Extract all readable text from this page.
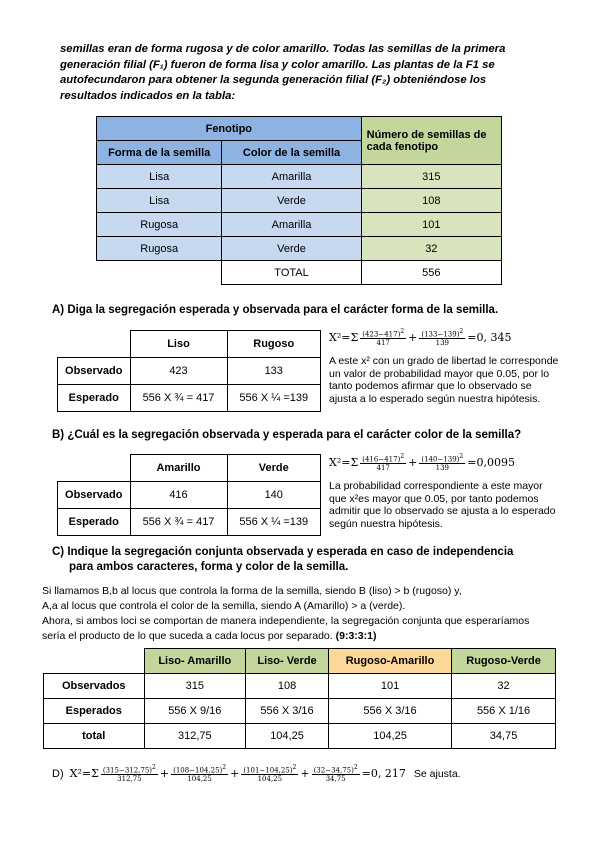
semillas eran de forma rugosa y de color amarillo. Todas las semillas de la primera generación filial (F₁) fueron de forma lisa y color amarillo. Las plantas de la F1 se autofecundaron para obtener la segunda generación filial (F₂) obteniéndose los resultados indicados en la tabla:
Fenotipo		Número de semillas de cada fenotipo
Forma de la semilla	Color de la semilla	
Lisa	Amarilla	315
Lisa	Verde	108
Rugosa	Amarilla	101
Rugosa	Verde	32
	TOTAL	556
A) Diga la segregación esperada y observada para el carácter forma de la semilla.
	Liso	Rugoso
Observado	423	133
Esperado	556 X ¾ = 417	556 X ¼ =139
$X^2=\Sigma \frac{(423-417)2}{417} + \frac{(133-139)2}{139} =0$, 345
A este x² con un grado de libertad le corresponde un valor de probabilidad mayor que 0.05, por lo tanto podemos afirmar que lo observado se ajusta a lo esperado según nuestra hipótesis.
B) ¿Cuál es la segregación observada y esperada para el carácter color de la semilla?
	Amarillo	Verde
Observado	416	140
Esperado	556 X ¾ = 417	556 X ¼ =139
$X^2=\Sigma \frac{(416-417)2}{417} + \frac{(140-139)2}{139} =0,0095$
La probabilidad correspondiente a este mayor que x²es mayor que 0.05, por tanto podemos admitir que lo observado se ajusta a lo esperado según nuestra hipótesis.
C) Indique la segregación conjunta observada y esperada en caso de independencia
para ambos caracteres, forma y color de la semilla.
Si llamamos B,b al locus que controla la forma de la semilla, siendo B (liso) > b (rugoso) y,
A,a al locus que controla el color de la semilla, siendo A (Amarillo) > a (verde).
Ahora, si ambos loci se comportan de manera independiente, la segregación conjunta que esperaríamos
sería el producto de lo que suceda a cada locus por separado. (9:3:3:1)
	Liso- Amarillo	Liso- Verde	Rugoso-Amarillo	Rugoso-Verde
Observados	315	108	101	32
Esperados	556 X 9/16	556 X 3/16	556 X 3/16	556 X 1/16
total	312,75	104,25	104,25	34,75
D) $X^2=\Sigma \frac{(315-312,75)2}{312,75} + \frac{(108-104,25)2}{104,25} + \frac{(101-104,25)2}{104,25} + \frac{(32-34,75)2}{34,75} =0$, 217 Se ajusta.
